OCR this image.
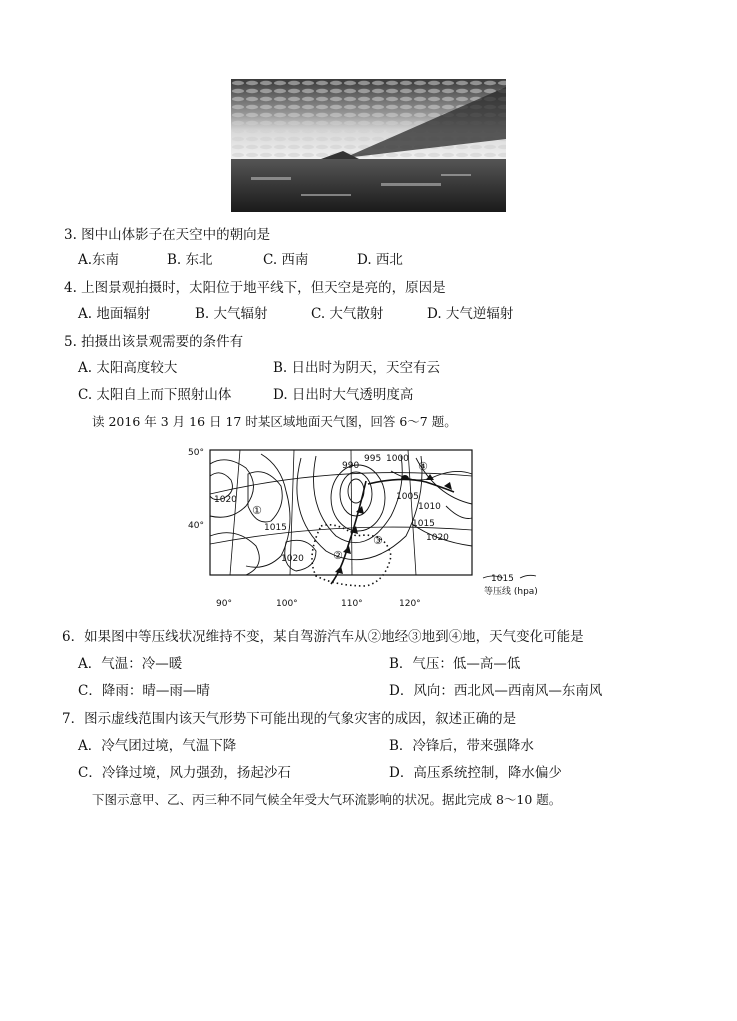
3. 图中山体影子在天空中的朝向是
A.东南	B. 东北	C. 西南	D. 西北
4. 上图景观拍摄时，太阳位于地平线下，但天空是亮的，原因是
A. 地面辐射	B. 大气辐射	C. 大气散射	D. 大气逆辐射
5. 拍摄出该景观需要的条件有
A. 太阳高度较大	B. 日出时为阴天，天空有云
C. 太阳自上而下照射山体	D. 日出时大气透明度高
读 2016 年 3 月 16 日 17 时某区域地面天气图，回答 6～7 题。
50°
40°
90°	100°	110°	120°
990
995 1000
1020
1015
1005
1010
1015
1020
1020
①
②
③
④
1015
等压线 (hpa)
6．如果图中等压线状况维持不变，某自驾游汽车从②地经③地到④地，天气变化可能是
A．气温：冷—暖	B．气压：低—高—低
C．降雨：晴—雨—晴	D．风向：西北风—西南风—东南风
7．图示虚线范围内该天气形势下可能出现的气象灾害的成因，叙述正确的是
A．冷气团过境，气温下降	B．冷锋后，带来强降水
C．冷锋过境，风力强劲，扬起沙石	D．高压系统控制，降水偏少
下图示意甲、乙、丙三种不同气候全年受大气环流影响的状况。据此完成 8～10 题。
